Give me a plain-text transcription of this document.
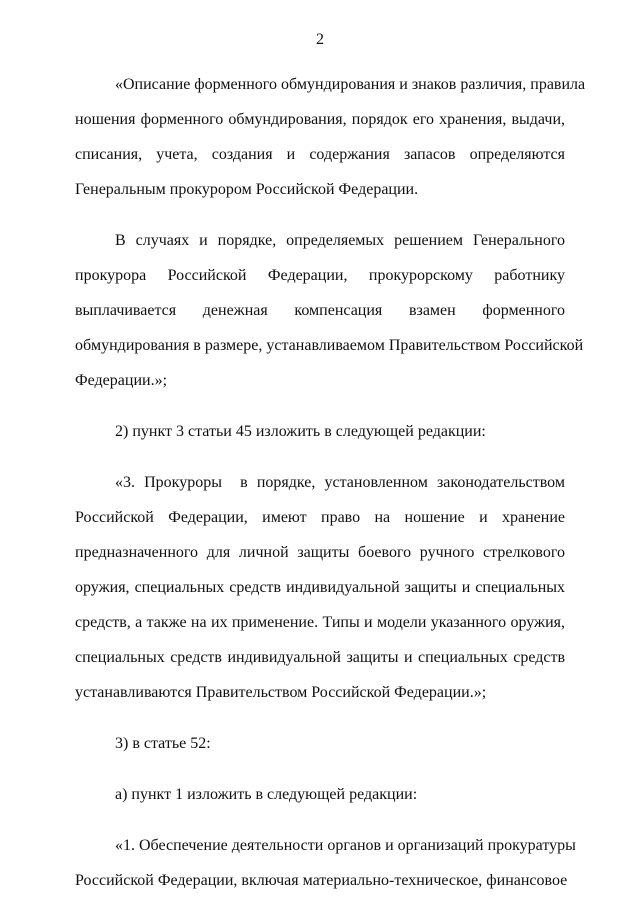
2

«Описание форменного обмундирования и знаков различия, правила
ношения форменного обмундирования, порядок его хранения, выдачи,
списания, учета, создания и содержания запасов определяются
Генеральным прокурором Российской Федерации.

В случаях и порядке, определяемых решением Генерального
прокурора Российской Федерации, прокурорскому работнику
выплачивается денежная компенсация взамен форменного
обмундирования в размере, устанавливаемом Правительством Российской
Федерации.»;

2) пункт 3 статьи 45 изложить в следующей редакции:

«3. Прокуроры  в порядке, установленном законодательством
Российской Федерации, имеют право на ношение и хранение
предназначенного для личной защиты боевого ручного стрелкового
оружия, специальных средств индивидуальной защиты и специальных
средств, а также на их применение. Типы и модели указанного оружия,
специальных средств индивидуальной защиты и специальных средств
устанавливаются Правительством Российской Федерации.»;

3) в статье 52:

а) пункт 1 изложить в следующей редакции:

«1. Обеспечение деятельности органов и организаций прокуратуры
Российской Федерации, включая материально-техническое, финансовое
